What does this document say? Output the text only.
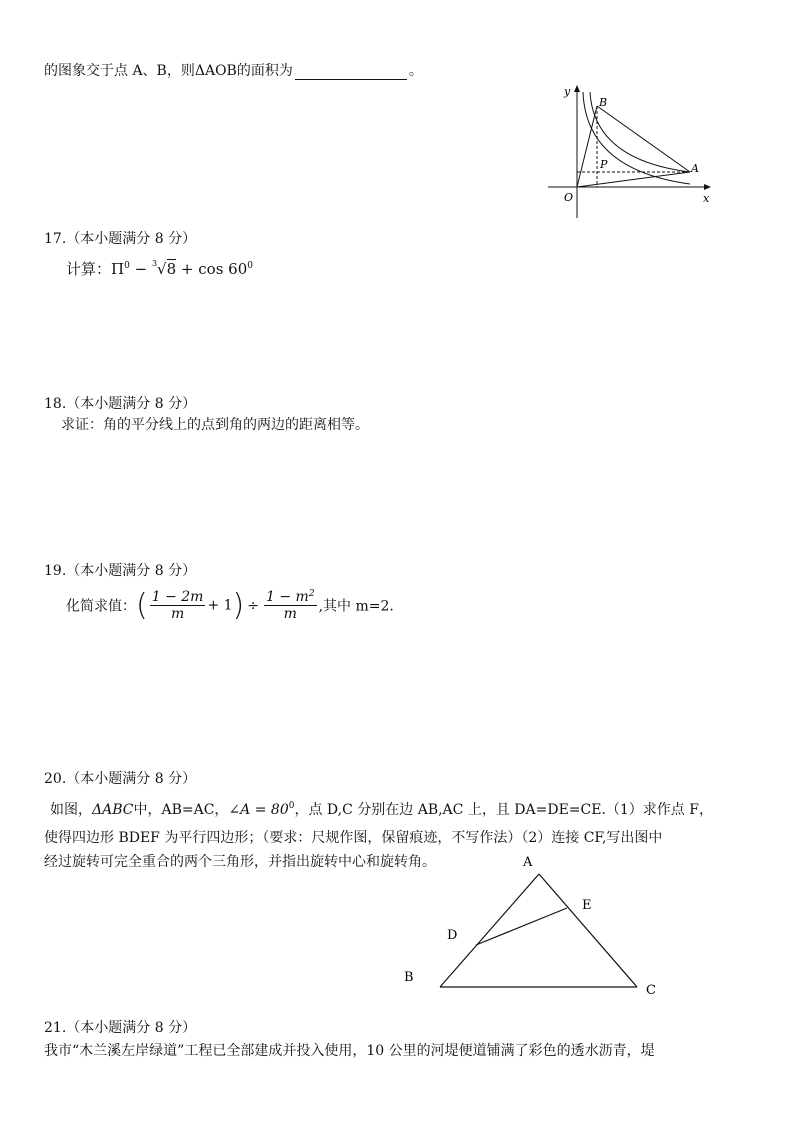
的图象交于点 A、B，则ΔAOB的面积为	。
y
x
O
B
A
P
17.（本小题满分 8 分）
计算：$\Pi^0 - ^3√8 + \cos 60^0$
18.（本小题满分 8 分）
求证：角的平分线上的点到角的两边的距离相等。
19.（本小题满分 8 分）
化简求值：( $\frac{1 - 2m}{m} + 1) \div \frac{1 - m^2}{m}$ ,其中 m=2.
20.（本小题满分 8 分）
如图，ΔABC中，AB=AC，∠A = $80^0$，点 D,C 分别在边 AB,AC 上，且 DA=DE=CE.（1）求作点 F，
使得四边形 BDEF 为平行四边形；（要求：尺规作图，保留痕迹，不写作法）（2）连接 CF,写出图中
经过旋转可完全重合的两个三角形，并指出旋转中心和旋转角。	A
B
C
D
E
21.（本小题满分 8 分）
我市“木兰溪左岸绿道”工程已全部建成并投入使用，10 公里的河堤便道铺满了彩色的透水沥青，堤
